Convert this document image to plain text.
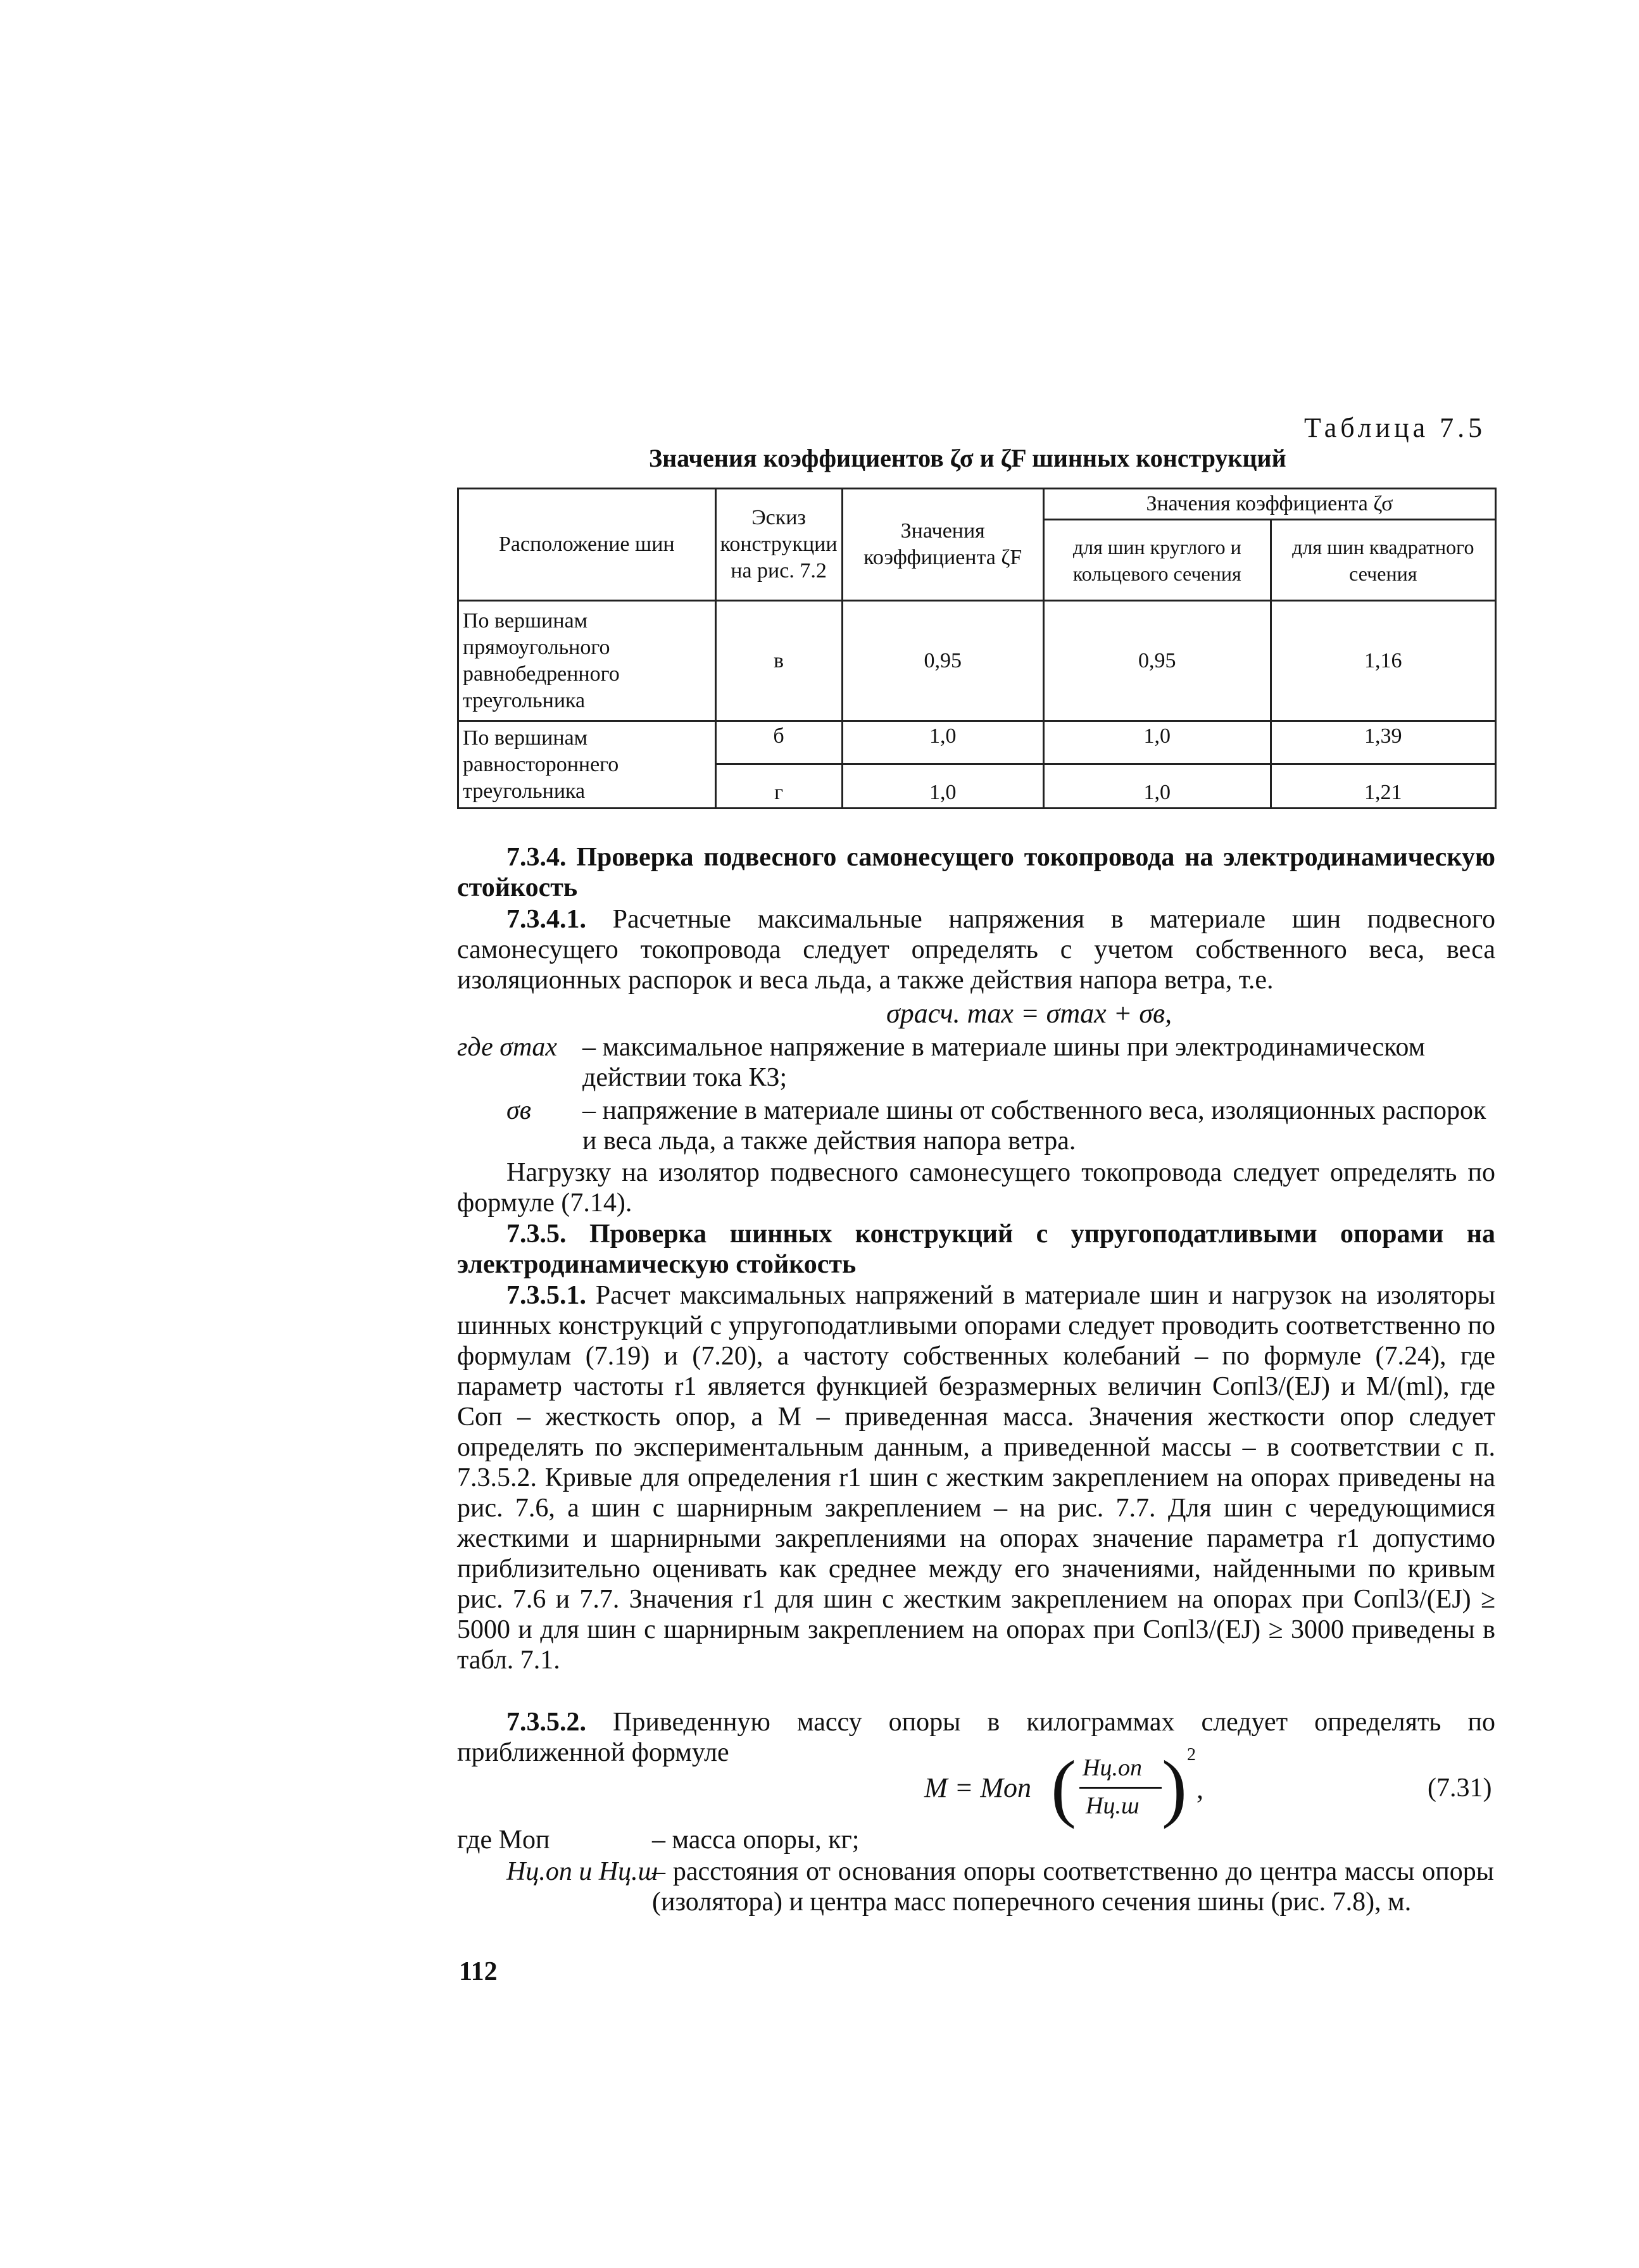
Таблица 7.5
Значения коэффициентов ζσ и ζF шинных конструкций
Расположение шин	Эскиз конструкции на рис. 7.2	Значения коэффициента ζF	Значения коэффициента ζσ	
			для шин круглого и кольцевого сечения	для шин квадратного сечения
По вершинам прямоугольного равнобедренного треугольника	в	0,95	0,95	1,16
По вершинам равностороннего треугольника	б	1,0	1,0	1,39
	г	1,0	1,0	1,21
7.3.4. Проверка подвесного самонесущего токопровода на электродинамическую стойкость
7.3.4.1. Расчетные максимальные напряжения в материале шин подвесного самонесущего токопровода следует определять с учетом собственного веса, веса изоляционных распорок и веса льда, а также действия напора ветра, т.е.
σрасч. max = σmax + σв,
где σmax – максимальное напряжение в материале шины при электродинамическом действии тока КЗ;
σв – напряжение в материале шины от собственного веса, изоляционных распорок и веса льда, а также действия напора ветра.
Нагрузку на изолятор подвесного самонесущего токопровода следует определять по формуле (7.14).
7.3.5. Проверка шинных конструкций с упругоподатливыми опорами на электродинамическую стойкость
7.3.5.1. Расчет максимальных напряжений в материале шин и нагрузок на изоляторы шинных конструкций с упругоподатливыми опорами следует проводить соответственно по формулам (7.19) и (7.20), а частоту собственных колебаний – по формуле (7.24), где параметр частоты r1 является функцией безразмерных величин Cопl3/(EJ) и M/(ml), где Cоп – жесткость опор, а M – приведенная масса. Значения жесткости опор следует определять по экспериментальным данным, а приведенной массы – в соответствии с п. 7.3.5.2. Кривые для определения r1 шин с жестким закреплением на опорах приведены на рис. 7.6, а шин с шарнирным закреплением – на рис. 7.7. Для шин с чередующимися жесткими и шарнирными закреплениями на опорах значение параметра r1 допустимо приблизительно оценивать как среднее между его значениями, найденными по кривым рис. 7.6 и 7.7. Значения r1 для шин с жестким закреплением на опорах при Cопl3/(EJ) ≥ 5000 и для шин с шарнирным закреплением на опорах при Cопl3/(EJ) ≥ 3000 приведены в табл. 7.1.
7.3.5.2. Приведенную массу опоры в килограммах следует определять по приближенной формуле
M = Mоп ( Hц.оп
Hц.ш ) 2
,	(7.31)
где Mоп	– масса опоры, кг;
Hц.оп и Hц.ш
– расстояния от основания опоры соответственно до центра массы опоры (изолятора) и центра масс поперечного сечения шины (рис. 7.8), м.
112
